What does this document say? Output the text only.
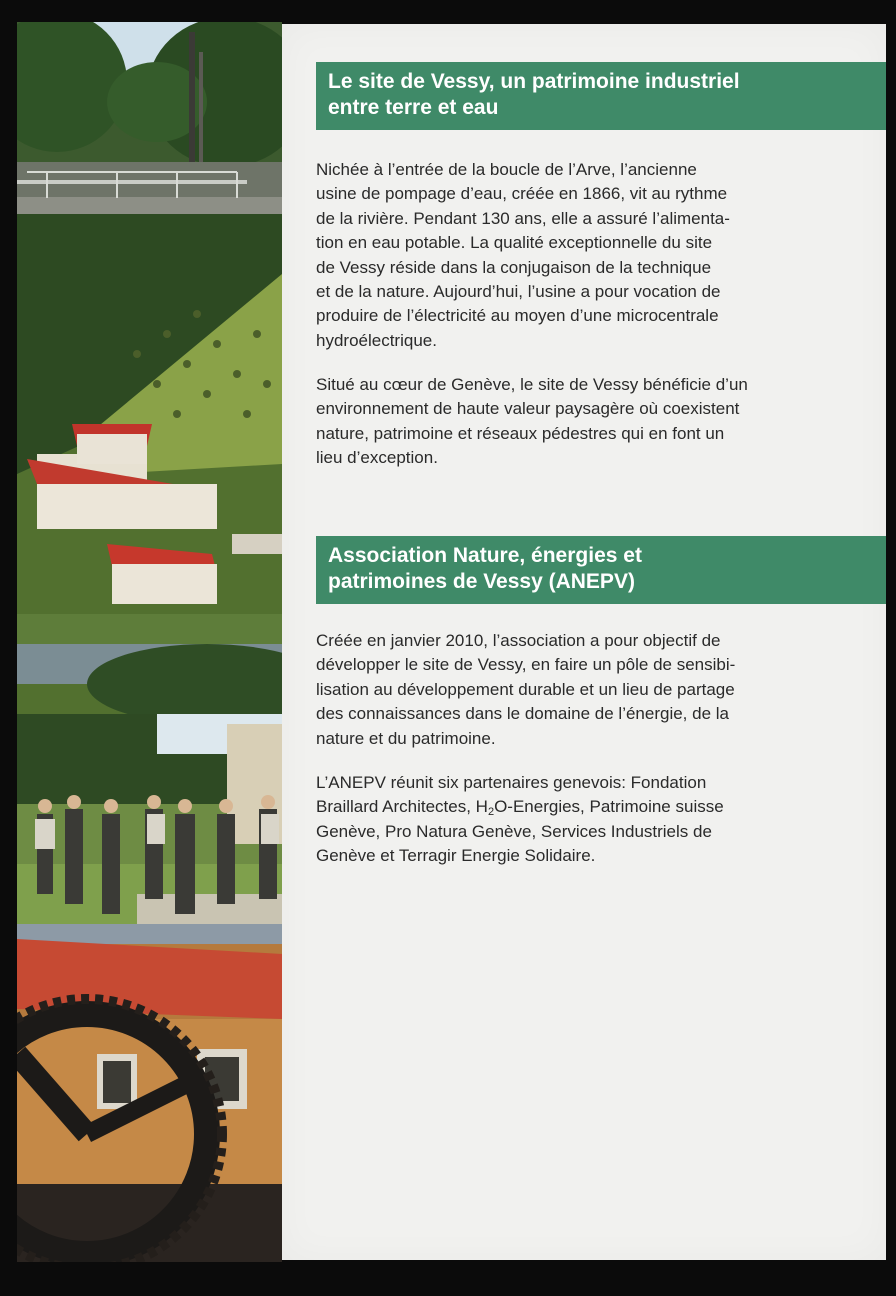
Le site de Vessy, un patrimoine industriel
entre terre et eau
Nichée à l’entrée de la boucle de l’Arve, l’ancienne
usine de pompage d’eau, créée en 1866, vit au rythme
de la rivière. Pendant 130 ans, elle a assuré l’alimenta-
tion en eau potable. La qualité exceptionnelle du site
de Vessy réside dans la conjugaison de la technique
et de la nature. Aujourd’hui, l’usine a pour vocation de
produire de l’électricité au moyen d’une microcentrale
hydroélectrique.
Situé au cœur de Genève, le site de Vessy bénéficie d’un
environnement de haute valeur paysagère où coexistent
nature, patrimoine et réseaux pédestres qui en font un
lieu d’exception.
Association Nature, énergies et
patrimoines de Vessy (ANEPV)
Créée en janvier 2010, l’association a pour objectif de
développer le site de Vessy, en faire un pôle de sensibi-
lisation au développement durable et un lieu de partage
des connaissances dans le domaine de l’énergie, de la
nature et du patrimoine.
L’ANEPV réunit six partenaires genevois: Fondation
Braillard Architectes, $H_2O$-Energies, Patrimoine suisse
Genève, Pro Natura Genève, Services Industriels de
Genève et Terragir Energie Solidaire.
